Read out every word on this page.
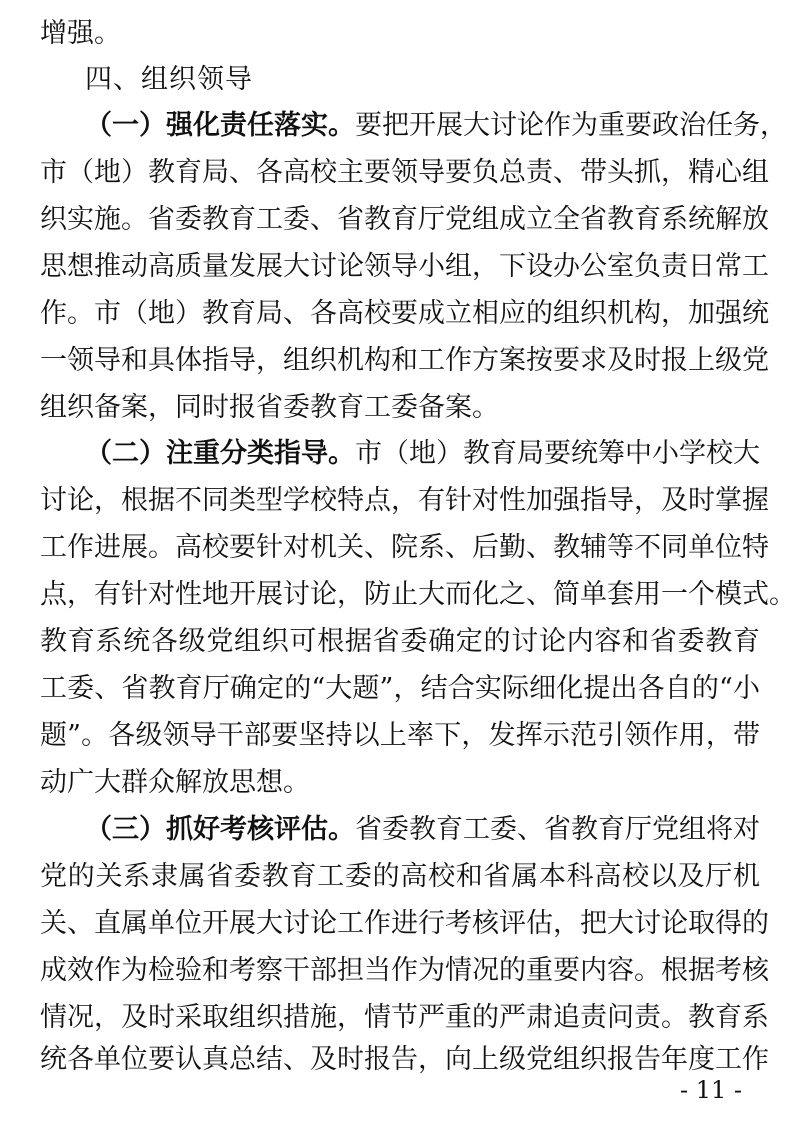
增强。
四、组织领导
（一）强化责任落实。要把开展大讨论作为重要政治任务，
市（地）教育局、各高校主要领导要负总责、带头抓，精心组
织实施。省委教育工委、省教育厅党组成立全省教育系统解放
思想推动高质量发展大讨论领导小组，下设办公室负责日常工
作。市（地）教育局、各高校要成立相应的组织机构，加强统
一领导和具体指导，组织机构和工作方案按要求及时报上级党
组织备案，同时报省委教育工委备案。
（二）注重分类指导。市（地）教育局要统筹中小学校大
讨论，根据不同类型学校特点，有针对性加强指导，及时掌握
工作进展。高校要针对机关、院系、后勤、教辅等不同单位特
点，有针对性地开展讨论，防止大而化之、简单套用一个模式。
教育系统各级党组织可根据省委确定的讨论内容和省委教育
工委、省教育厅确定的“大题”，结合实际细化提出各自的“小
题”。各级领导干部要坚持以上率下，发挥示范引领作用，带
动广大群众解放思想。
（三）抓好考核评估。省委教育工委、省教育厅党组将对
党的关系隶属省委教育工委的高校和省属本科高校以及厅机
关、直属单位开展大讨论工作进行考核评估，把大讨论取得的
成效作为检验和考察干部担当作为情况的重要内容。根据考核
情况，及时采取组织措施，情节严重的严肃追责问责。教育系
统各单位要认真总结、及时报告，向上级党组织报告年度工作
- 11 -
